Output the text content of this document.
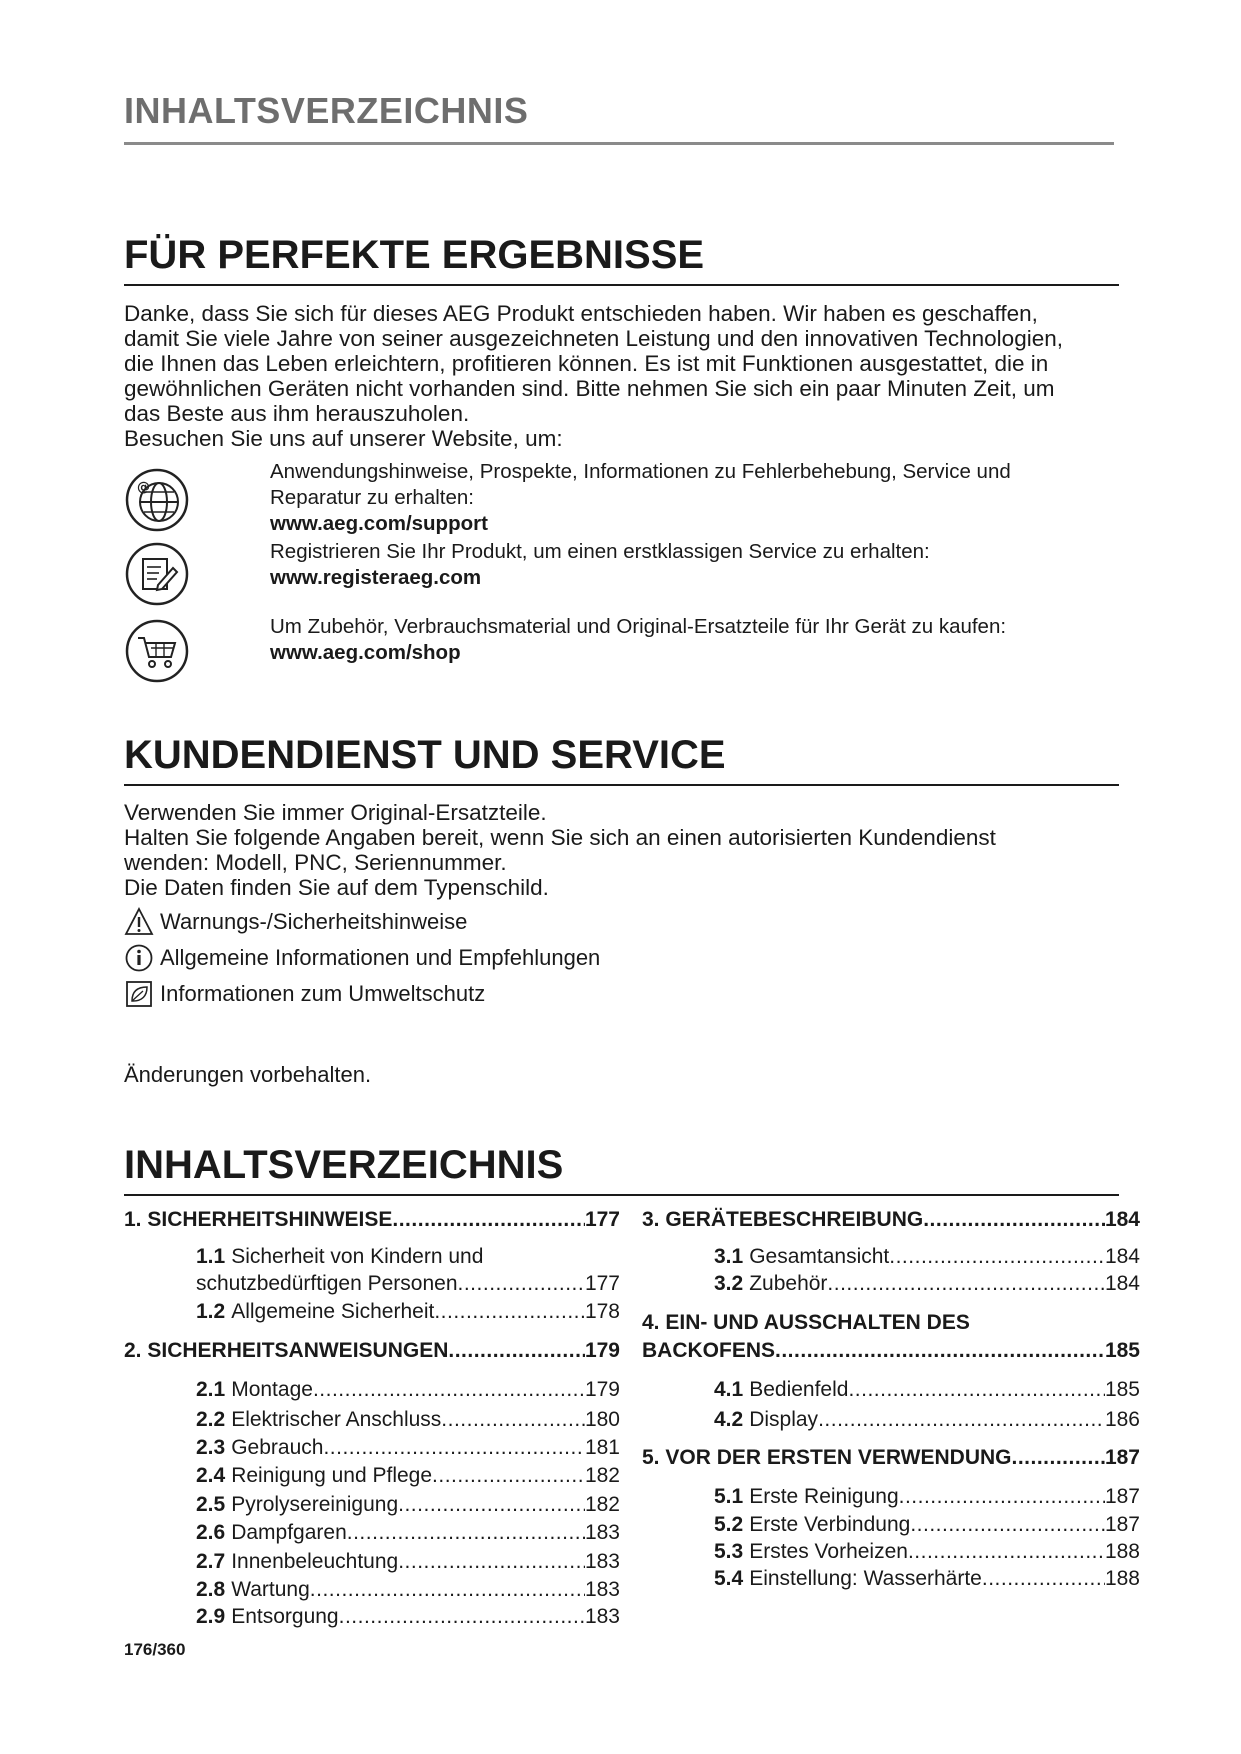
INHALTSVERZEICHNIS
FÜR PERFEKTE ERGEBNISSE

Danke, dass Sie sich für dieses AEG Produkt entschieden haben. Wir haben es geschaffen,

damit Sie viele Jahre von seiner ausgezeichneten Leistung und den innovativen Technologien,

die Ihnen das Leben erleichtern, profitieren können. Es ist mit Funktionen ausgestattet, die in

gewöhnlichen Geräten nicht vorhanden sind. Bitte nehmen Sie sich ein paar Minuten Zeit, um

das Beste aus ihm herauszuholen.

Besuchen Sie uns auf unserer Website, um:

@
Anwendungshinweise, Prospekte, Informationen zu Fehlerbehebung, Service und
Reparatur zu erhalten:
www.aeg.com/support
Registrieren Sie Ihr Produkt, um einen erstklassigen Service zu erhalten:
www.registeraeg.com
Um Zubehör, Verbrauchsmaterial und Original-Ersatzteile für Ihr Gerät zu kaufen:
www.aeg.com/shop
KUNDENDIENST UND SERVICE

Verwenden Sie immer Original-Ersatzteile.

Halten Sie folgende Angaben bereit, wenn Sie sich an einen autorisierten Kundendienst

wenden: Modell, PNC, Seriennummer.

Die Daten finden Sie auf dem Typenschild.

Warnungs-/Sicherheitshinweise
Allgemeine Informationen und Empfehlungen
Informationen zum Umweltschutz
Änderungen vorbehalten.
INHALTSVERZEICHNIS
1. SICHERHEITSHINWEISE .....	177
1.1 Sicherheit von Kindern und
schutzbedürftigen Personen .....	177
1.2 Allgemeine Sicherheit .....	178
2. SICHERHEITSANWEISUNGEN .....	179
2.1 Montage .....	179
2.2 Elektrischer Anschluss .....	180
2.3 Gebrauch .....	181
2.4 Reinigung und Pflege .....	182
2.5 Pyrolysereinigung .....	182
2.6 Dampfgaren .....	183
2.7 Innenbeleuchtung .....	183
2.8 Wartung .....	183
2.9 Entsorgung .....	183
3. GERÄTEBESCHREIBUNG .....	184
3.1 Gesamtansicht .....	184
3.2 Zubehör .....	184
4. EIN- UND AUSSCHALTEN DES
BACKOFENS .....	185
4.1 Bedienfeld .....	185
4.2 Display .....	186
5. VOR DER ERSTEN VERWENDUNG .....	187
5.1 Erste Reinigung .....	187
5.2 Erste Verbindung .....	187
5.3 Erstes Vorheizen .....	188
5.4 Einstellung: Wasserhärte .....	188
176/360
